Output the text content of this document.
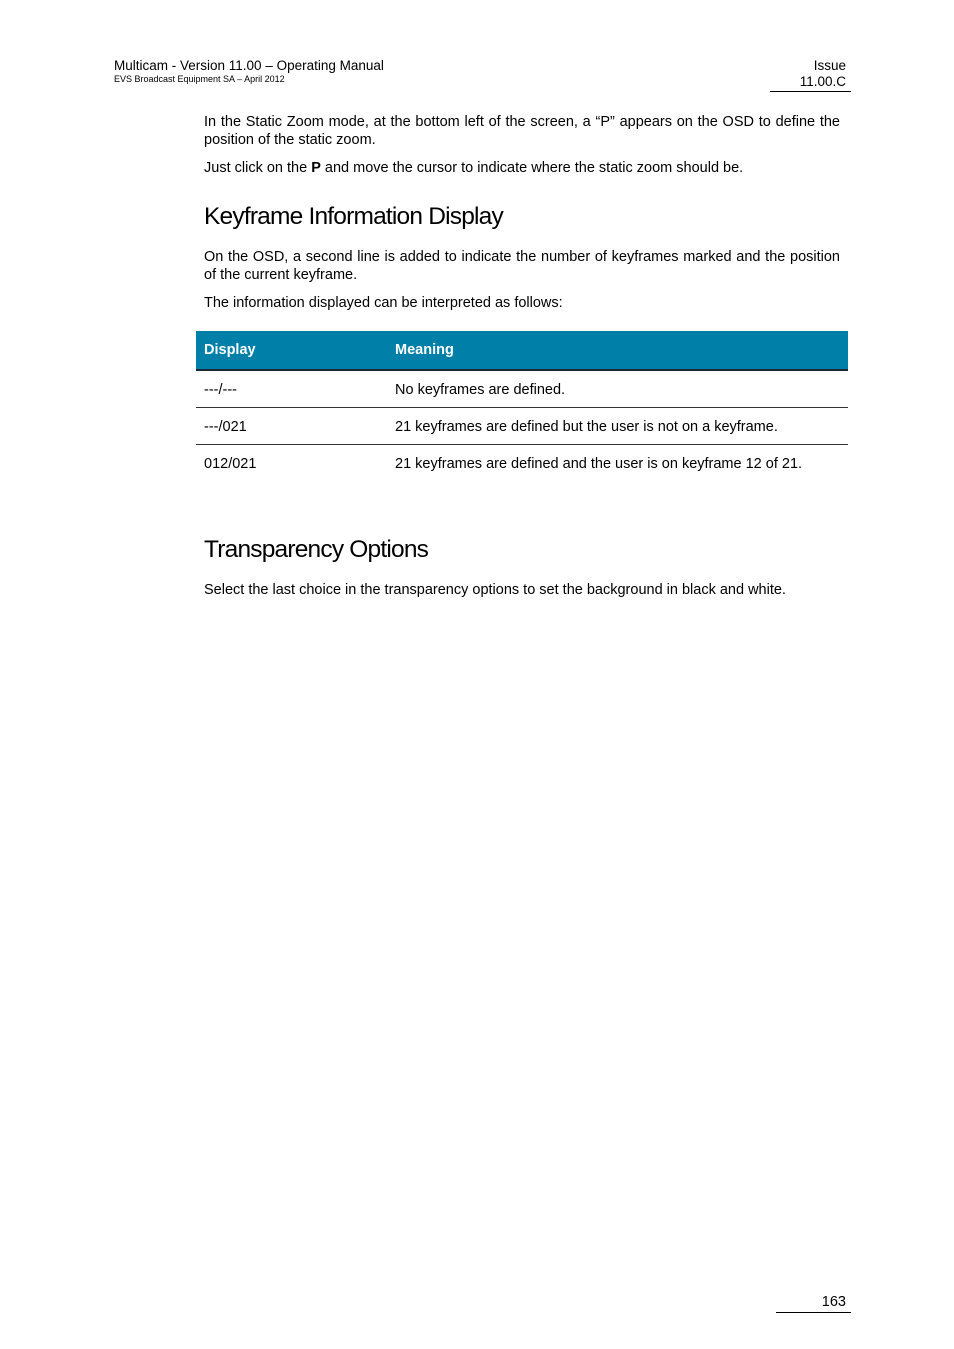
Multicam - Version 11.00 – Operating Manual
EVS Broadcast Equipment SA – April 2012
Issue
11.00.C

In the Static Zoom mode, at the bottom left of the screen, a “P” appears on the OSD to define the position of the static zoom.

Just click on the P and move the cursor to indicate where the static zoom should be.

Keyframe Information Display

On the OSD, a second line is added to indicate the number of keyframes marked and the position of the current keyframe.

The information displayed can be interpreted as follows:

Display	Meaning
---/---	No keyframes are defined.
---/021	21 keyframes are defined but the user is not on a keyframe.
012/021	21 keyframes are defined and the user is on keyframe 12 of 21.
Transparency Options

Select the last choice in the transparency options to set the background in black and white.

163
